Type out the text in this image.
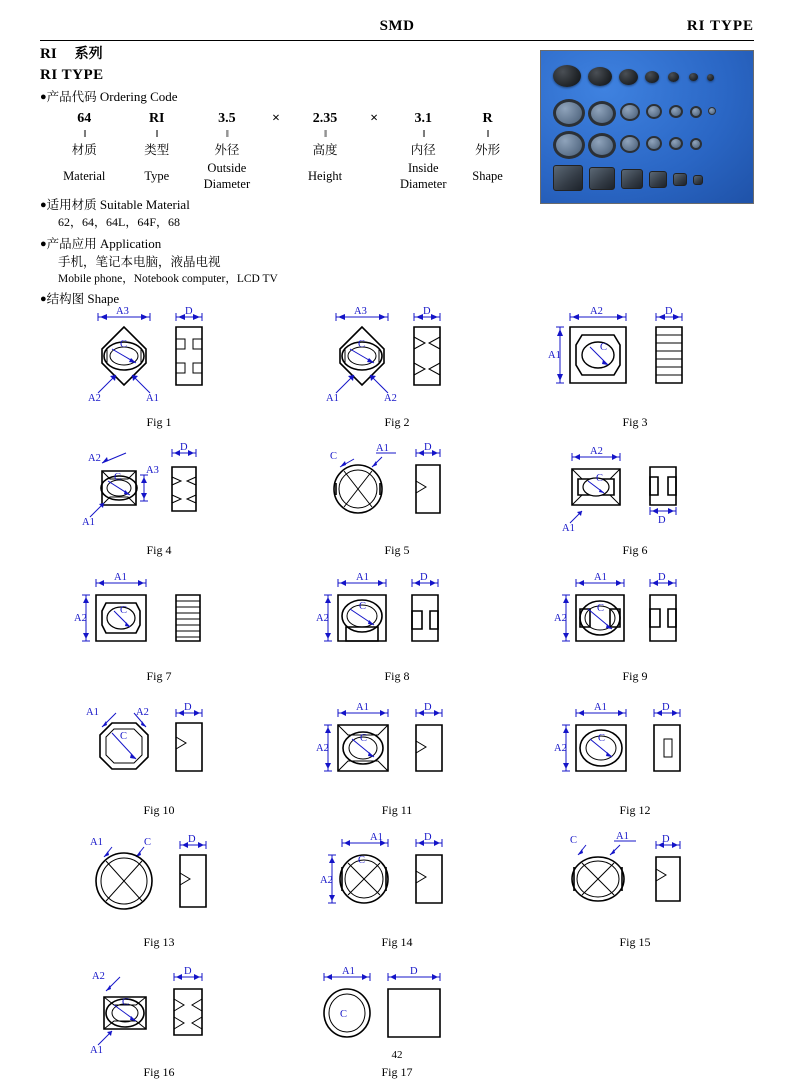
SMD	RI TYPE
RI 系列
RI TYPE
●产品代码 Ordering Code
64	RI	3.5	×	2.35	×	3.1	R
‖	‖	‖		‖		‖	‖
材质	类型	外径		高度		内径	外形
Material	Type	Outside Diameter		Height		Inside Diameter	Shape
●适用材质 Suitable Material
62，64，64L，64F，68
●产品应用 Application
手机，笔记本电脑，液晶电视
Mobile phone，Notebook computer，LCD TV
●结构图 Shape
A3
C
A2	A1
D
Fig 1
A3
C
A1	A2
D
Fig 2
A2
A1
C
D
Fig 3
A2
C
A3
A1
D
Fig 4
C
A1	D
Fig 5
A2
C
A1
D
Fig 6
A1
A2
C
Fig 7
A1
A2
C
D
Fig 8
A1
A2
C
D
Fig 9
A1	A2
C
D
Fig 10
A1
A2
C
D
Fig 11
A1
A2
C
D
Fig 12
A1	C	D
Fig 13
A1
A2
C
D
Fig 14
C	A1	D
Fig 15
A2
C
A1
D
Fig 16
A1
C
D
Fig 17
42
